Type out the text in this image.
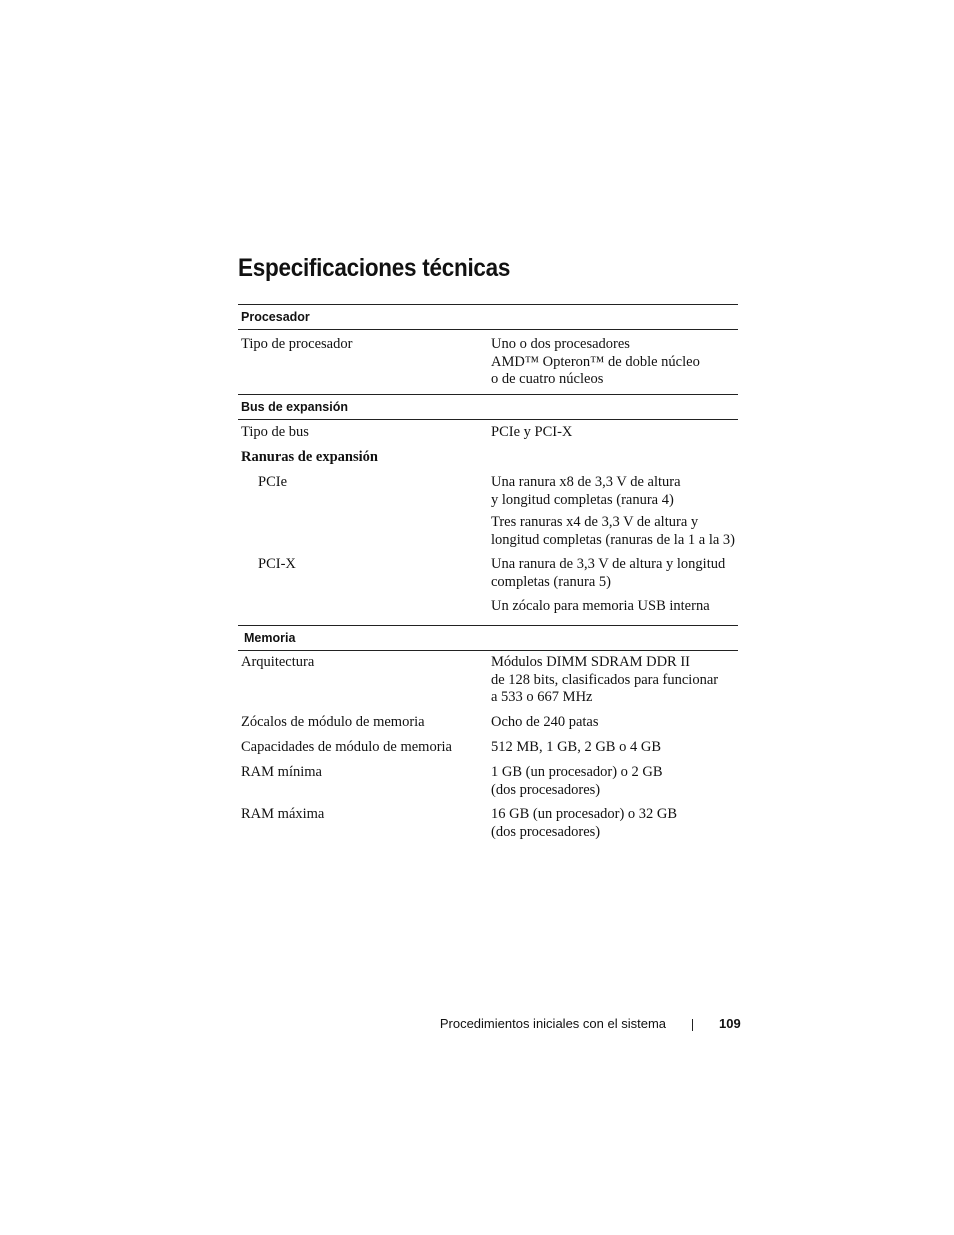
Especificaciones técnicas
Procesador
Tipo de procesador	Uno o dos procesadores
AMD™ Opteron™ de doble núcleo
o de cuatro núcleos
Bus de expansión
Tipo de bus	PCIe y PCI-X
Ranuras de expansión
PCIe	Una ranura x8 de 3,3 V de altura
y longitud completas (ranura 4)
Tres ranuras x4 de 3,3 V de altura y
longitud completas (ranuras de la 1 a la 3)
PCI-X	Una ranura de 3,3 V de altura y longitud
completas (ranura 5)
Un zócalo para memoria USB interna
Memoria
Arquitectura	Módulos DIMM SDRAM DDR II
de 128 bits, clasificados para funcionar
a 533 o 667 MHz
Zócalos de módulo de memoria	Ocho de 240 patas
Capacidades de módulo de memoria	512 MB, 1 GB, 2 GB o 4 GB
RAM mínima	1 GB (un procesador) o 2 GB
(dos procesadores)
RAM máxima	16 GB (un procesador) o 32 GB
(dos procesadores)
Procedimientos iniciales con el sistema	109
